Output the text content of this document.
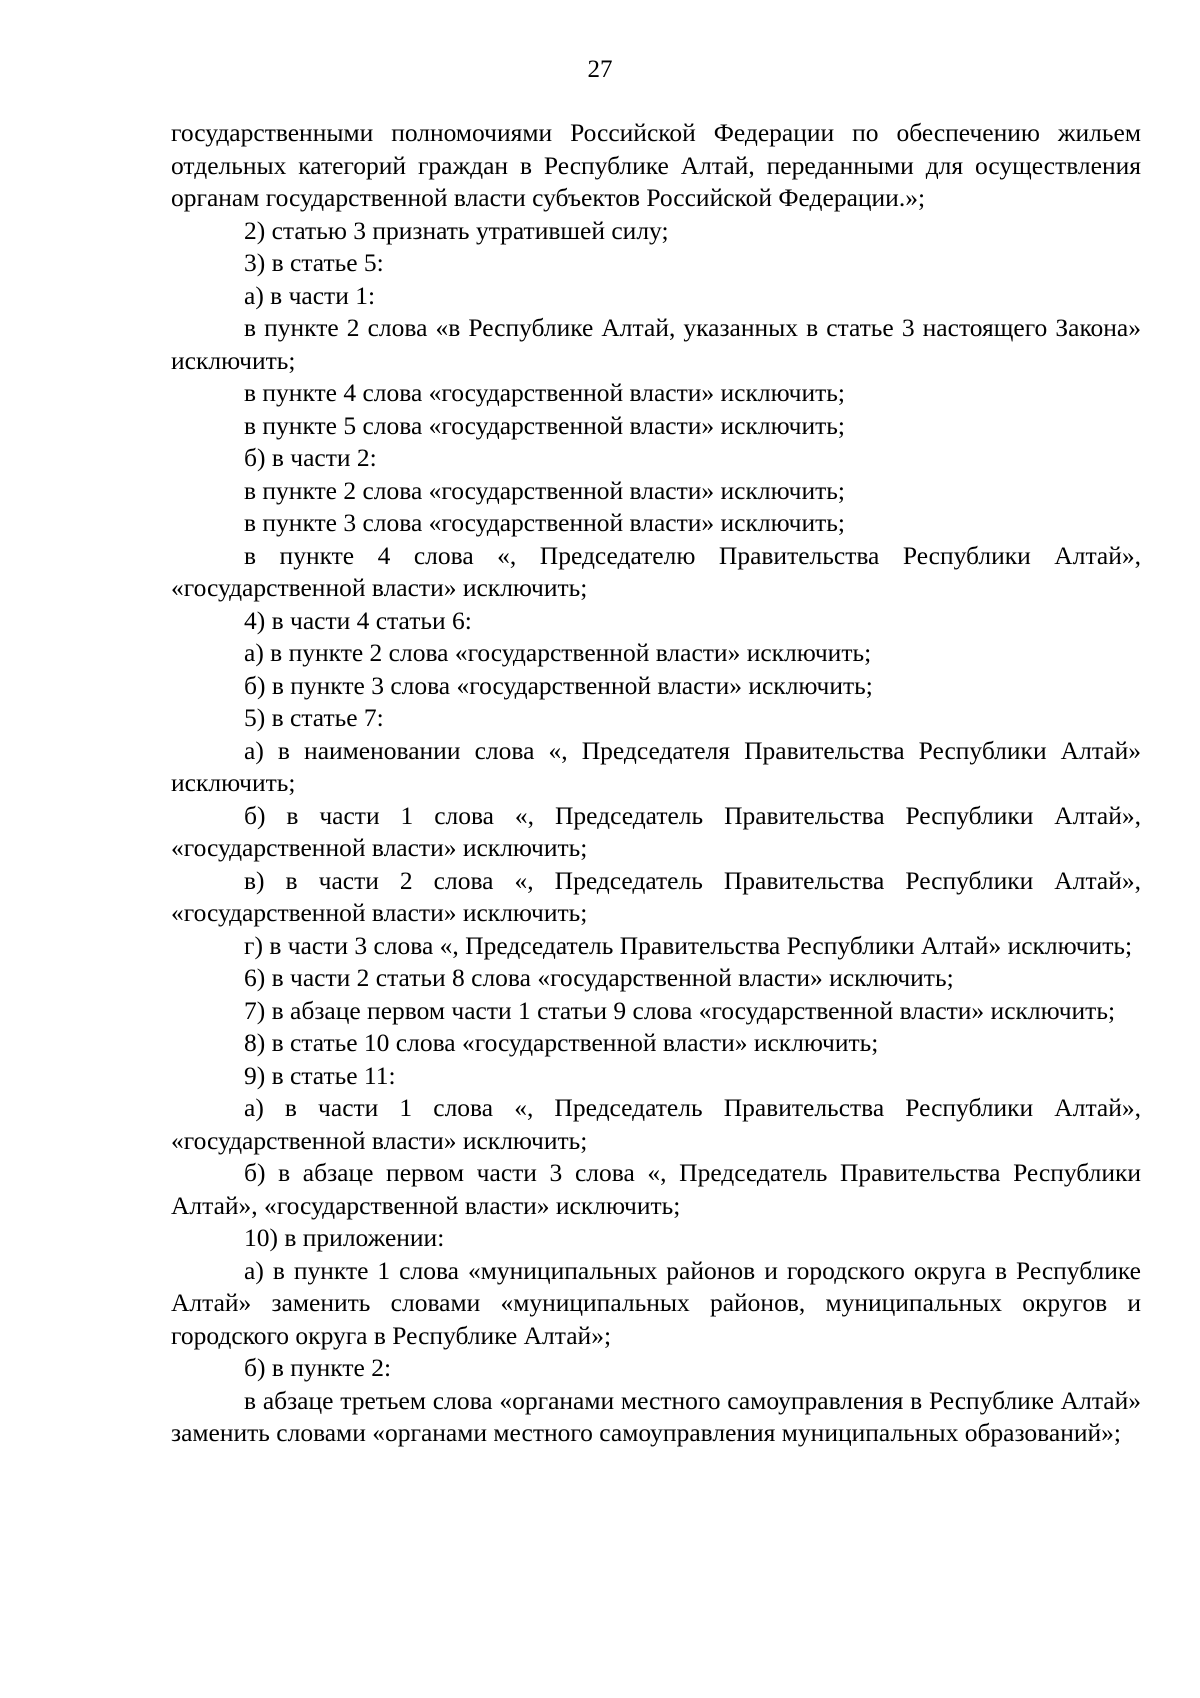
27

государственными полномочиями Российской Федерации по обеспечению жильем отдельных категорий граждан в Республике Алтай, переданными для осуществления органам государственной власти субъектов Российской Федерации.»;

2) статью 3 признать утратившей силу;

3) в статье 5:

а) в части 1:

в пункте 2 слова «в Республике Алтай, указанных в статье 3 настоящего Закона» исключить;

в пункте 4 слова «государственной власти» исключить;

в пункте 5 слова «государственной власти» исключить;

б) в части 2:

в пункте 2 слова «государственной власти» исключить;

в пункте 3 слова «государственной власти» исключить;

в пункте 4 слова «, Председателю Правительства Республики Алтай», «государственной власти» исключить;

4) в части 4 статьи 6:

а) в пункте 2 слова «государственной власти» исключить;

б) в пункте 3 слова «государственной власти» исключить;

5) в статье 7:

а) в наименовании слова «, Председателя Правительства Республики Алтай» исключить;

б) в части 1 слова «, Председатель Правительства Республики Алтай», «государственной власти» исключить;

в) в части 2 слова «, Председатель Правительства Республики Алтай», «государственной власти» исключить;

г) в части 3 слова «, Председатель Правительства Республики Алтай» исключить;

6) в части 2 статьи 8 слова «государственной власти» исключить;

7) в абзаце первом части 1 статьи 9 слова «государственной власти» исключить;

8) в статье 10 слова «государственной власти» исключить;

9) в статье 11:

а) в части 1 слова «, Председатель Правительства Республики Алтай», «государственной власти» исключить;

б) в абзаце первом части 3 слова «, Председатель Правительства Республики Алтай», «государственной власти» исключить;

10) в приложении:

а) в пункте 1 слова «муниципальных районов и городского округа в Республике Алтай» заменить словами «муниципальных районов, муниципальных округов и городского округа в Республике Алтай»;

б) в пункте 2:

в абзаце третьем слова «органами местного самоуправления в Республике Алтай» заменить словами «органами местного самоуправления муниципальных образований»;
